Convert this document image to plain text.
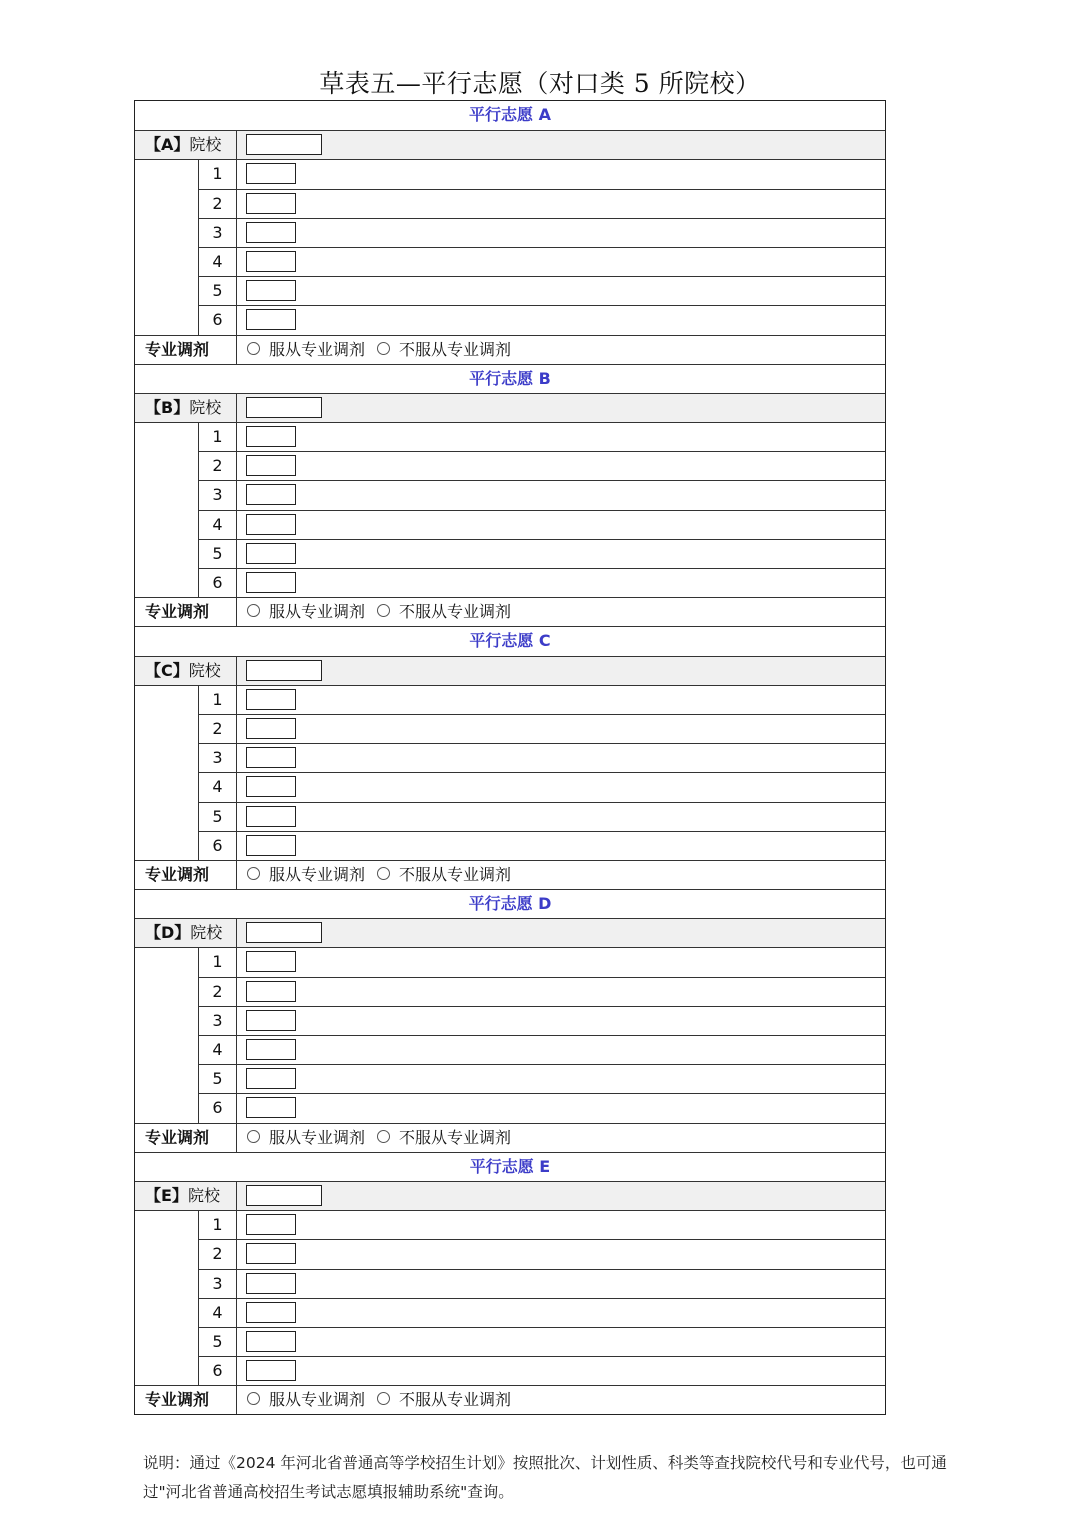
草表五—平行志愿（对口类 5 所院校）
平行志愿 A
【A】院校
1
2
3
4
5
6
专业调剂	服从专业调剂 不服从专业调剂
平行志愿 B
【B】院校
1
2
3
4
5
6
专业调剂	服从专业调剂 不服从专业调剂
平行志愿 C
【C】院校
1
2
3
4
5
6
专业调剂	服从专业调剂 不服从专业调剂
平行志愿 D
【D】院校
1
2
3
4
5
6
专业调剂	服从专业调剂 不服从专业调剂
平行志愿 E
【E】院校
1
2
3
4
5
6
专业调剂	服从专业调剂 不服从专业调剂
说明：通过《2024 年河北省普通高等学校招生计划》按照批次、计划性质、科类等查找院校代号和专业代号，也可通过"河北省普通高校招生考试志愿填报辅助系统"查询。
